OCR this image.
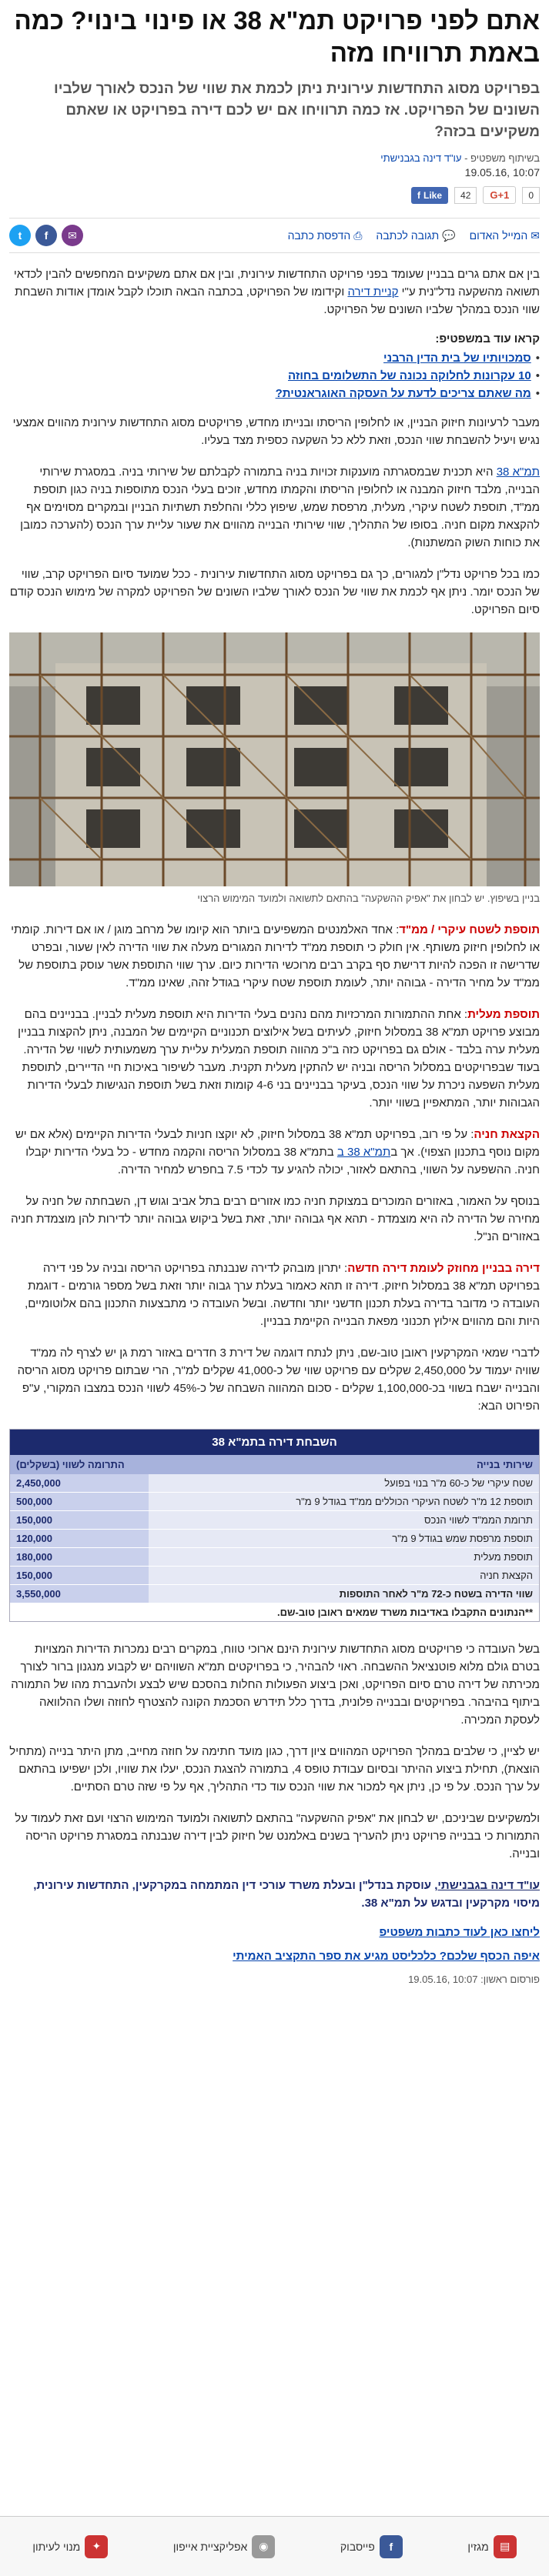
אתם לפני פרויקט תמ"א 38 או פינוי בינוי? כמה באמת תרוויחו מזה
בפרויקט מסוג התחדשות עירונית ניתן לכמת את שווי של הנכס לאורך שלביו השונים של הפרויקט. אז כמה תרוויחו אם יש לכם דירה בפרויקט או שאתם משקיעים בכזה?
בשיתוף משפטיפ - עו"ד דינה בגבנישתי
10:07 ,19.05.16
f Like	42	G+1	0
✉
המייל האדום
💬
תגובה לכתבה
⎙
הדפסת כתבה
t	f	✉

בין אם אתם גרים בבניין שעומד בפני פרויקט התחדשות עירונית, ובין אם אתם משקיעים המחפשים להבין לכדאי תשואה מהשקעה נדל"נית ע"י קניית דירה וקידומו של הפרויקט, בכתבה הבאה תוכלו לקבל אומדן אודות השבחת שווי הנכס במהלך שלביו השונים של הפרויקט.

קראו עוד במשפטיפ:
• סמכויותיו של בית הדין הרבני
• 10 עקרונות לחלוקה נכונה של התשלומים בחוזה
• מה שאתם צריכים לדעת על העסקה האוגראנטית?

מעבר לרעיונות חיזוק הבניין, או לחלופין הריסתו ובנייתו מחדש, פרויקטים מסוג התחדשות עירונית מהווים אמצעי נגיש ויעיל להשבחת שווי הנכס, וזאת ללא כל השקעה כספית מצד בעליו.

תמ"א 38 היא תכנית שבמסגרתה מוענקות זכויות בניה בתמורה לקבלתם של שירותי בניה. במסגרת שירותי הבנייה, מלבד חיזוק המבנה או לחלופין הריסתו והקמתו מחדש, זוכים בעלי הנכס מתוספות בניה כגון תוספת ממ"ד, תוספת לשטח עיקרי, מעלית, מרפסת שמש, שיפוץ כללי והחלפת תשתיות הבניין ובמקרים מסוימים אף להקצאת מקום חניה. בסופו של התהליך, שווי שירותי הבנייה מהווים את שעור עליית ערך הנכס (להערכה כמובן את כוחות השוק המשתנות).

כמו בכל פרויקט נדל"ן למגורים, כך גם בפרויקט מסוג התחדשות עירונית - ככל שמועד סיום הפרויקט קרב, שווי של הנכס יומר. ניתן אף לכמת את שווי של הנכס לאורך שלביו השונים של הפרויקט למקרה של מימוש הנכס קודם סיום הפרויקט.

בניין בשיפוץ. יש לבחון את "אפיק ההשקעה" בהתאם לתשואה ולמועד המימוש הרצוי

תוספת לשטח עיקרי / ממ"ד: אחד האלמנטים המשפיעים ביותר הוא קיומו של מרחב מוגן / או אם דירות. קומתי או לחלופין חיזוק משותף. אין חולק כי תוספת ממ"ד לדירות המגורים מעלה את שווי הדירה לאין שעור, ובפרט שדרישה זו הפכה להיות דרישת סף בקרב רבים מרוכשי הדירות כיום. ערך שווי התוספת אשר עוסק בתוספת של ממ"ד על מחיר הדירה - גבוהה יותר, לעומת תוספת שטח עיקרי בגודל זהה, שאינו ממ"ד.

תוספת מעלית: אחת ההתמורות המרכזיות מהם נהנים בעלי הדירות היא תוספת מעלית לבניין. בבניינים בהם מבוצע פרויקט תמ"א 38 במסלול חיזוק, לעיתים בשל אילוצים תכנוניים הקיימים של המבנה, ניתן להקצות בבניין מעלית ערה בלבד - אולם גם בפרויקט כזה ב"כ מהווה תוספת המעלית עליית ערך משמעותית לשווי של הדירה. בעוד שבפרויקטים במסלול הריסה ובניה יש להתקין מעלית תקנית. מעבר לשיפור באיכות חיי הדיירים, לתוספת מעלית השפעה ניכרת על שווי הנכס, בעיקר בבניינים בני 4-6 קומות וזאת בשל תוספת הנגישות לבעלי הדירות הגבוהות יותר, המתאפיין בשווי יותר.

הקצאת חניה: על פי רוב, בפרויקט תמ"א 38 במסלול חיזוק, לא יוקצו חניות לבעלי הדירות הקיימים (אלא אם יש מקום נוסף בתכנון הצפוי). אך בתמ"א 38 ב בתמ"א 38 במסלול הריסה והקמה מחדש - כל בעלי הדירות יקבלו חניה. ההשפעה על השווי, בהתאם לאזור, יכולה להגיע עד לכדי 7.5 בחפרש למחיר הדירה.

בנוסף על האמור, באזורים המוכרים במצוקת חניה כמו אזורים רבים בתל אביב וגוש דן, השבחתה של חניה על מחירה של הדירה לה היא מוצמדת - תהא אף גבוהה יותר, זאת בשל ביקוש גבוהה יותר לדירות להן מוצמדת חניה באזורים הנ"ל.

דירה בבניין מחוזק לעומת דירה חדשה: יתרון מובהק לדירה שנבנתה בפרויקט הריסה ובניה על פני דירה בפרויקט תמ"א 38 במסלול חיזוק. דירה זו תהא כאמור בעלת ערך גבוה יותר וזאת בשל מספר גורמים - דוגמת העובדה כי מדובר בדירה בעלת תכנון חדשני יותר וחדשה. ובשל העובדה כי מתבצעות התכנון בהם אלוטומיים, היות והם מהווים אילוץ תכנוני מפאת הבנייה הקיימת בבניין.

לדברי שמאי המקרקעין ראובן טוב-שם, ניתן לנתח דוגמה של דירת 3 חדרים באזור רמת גן יש לצרף לה ממ"ד שוויה יעמוד על 2,450,000 שקלים עם פרויקט שווי של כ-41,000 שקלים למ"ר, הרי שבתום פרויקט מסוג הריסה והבנייה ישבח בשווי בכ-1,100,000 שקלים - סכום המהווה השבחה של כ-45% לשווי הנכס במצבו המקורי, ע"פ הפירוט הבא:

השבחת דירה בתמ"א 38
שירותי בנייה	התרומה לשווי (בשקלים)
שטח עיקרי של כ-60 מ"ר בנוי בפועל	2,450,000
תוספת 12 מ"ר לשטח העיקרי הכוללים ממ"ד בגודל 9 מ"ר	500,000
תרומת הממ"ד לשווי הנכס	150,000
תוספת מרפסת שמש בגודל 9 מ"ר	120,000
תוספת מעלית	180,000
הקצאת חניה	150,000
שווי הדירה בשטח כ-72 מ"ר לאחר התוספות	3,550,000
**הנתונים התקבלו באדיבות משרד שמאים ראובן טוב-שם.

בשל העובדה כי פרויקטים מסוג התחדשות עירונית הינם ארוכי טווח, במקרים רבים נמכרות הדירות המצויות בטרם גולם מלוא פוטנציאל ההשבחה. ראוי להבהיר, כי בפרויקטים תמ"א השוויהם יש לקבוע מנגנון ברור לצורך מכירתה של דירה טרם סיום הפרויקט, ואכן ביצוע הפעולות החלות בהסכם שיש לבצע ולהעברת מהו של התמורה ביתוף בהיבהר. בפרויקטים ובבנייה פלונית, בדרך כלל תידרש הסכמת הקונה להצטרף לחוזה ושלו ההלוואה לעסקת המכירה.

יש לציין, כי שלבים במהלך הפרויקט המהווים ציון דרך, כגון מועד חתימה על חוזה מחייב, מתן היתר בנייה (מתחיל הוצאת), תחילת ביצוע ההיתר ובסיום עבודת טופס 4, בתמורה להצגת הנכס, יעלו את שוויו, ולכן ישפיעו בהתאם על ערך הנכס. על פי כן, ניתן אף למכור את שווי הנכס עוד כדי התהליך, אף על פי שזה טרם הסתיים.

ולמשקיעים שביניכם, יש לבחון את "אפיק ההשקעה" בהתאם לתשואה ולמועד המימוש הרצוי ועם זאת לעמוד על התמורות כי בבנייה פרויקט ניתן להעריך בשנים באלמנט של חיזוק לבין דירה שנבנתה במסגרת פרויקט הריסה ובנייה.

עו"ד דינה בגבנישתי, עוסקת בנדל"ן ובעלת משרד עורכי דין המתמחה במקרקעין, התחדשות עירונית, מיסוי מקרקעין ובדגש על תמ"א 38.
ליחצו כאן לעוד כתבות משפטיפ
איפה הכסף שלכם? כלכליסט מגיע את ספר התקציב האמיתי
פורסום ראשון: 10:07 ,19.05.16
▤
מגזין
f
פייסבוק
◉
אפליקציית אייפון
✦
מנוי לעיתון
